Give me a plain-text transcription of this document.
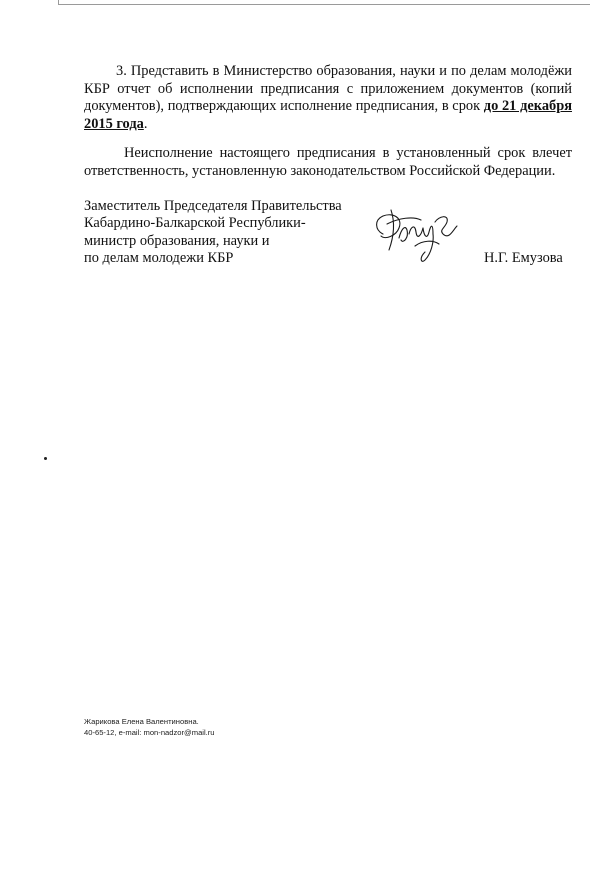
3. Представить в Министерство образования, науки и по делам молодёжи КБР отчет об исполнении предписания с приложением документов (копий документов), подтверждающих исполнение предписания, в срок до 21 декабря 2015 года.

Неисполнение настоящего предписания в установленный срок влечет ответственность, установленную законодательством Российской Федерации.

Заместитель Председателя Правительства
Кабардино-Балкарской Республики-
министр образования, науки и
по делам молодежи КБР	Н.Г. Емузова
Жарикова Елена Валентиновна.
40-65-12, e-mail: mon-nadzor@mail.ru
